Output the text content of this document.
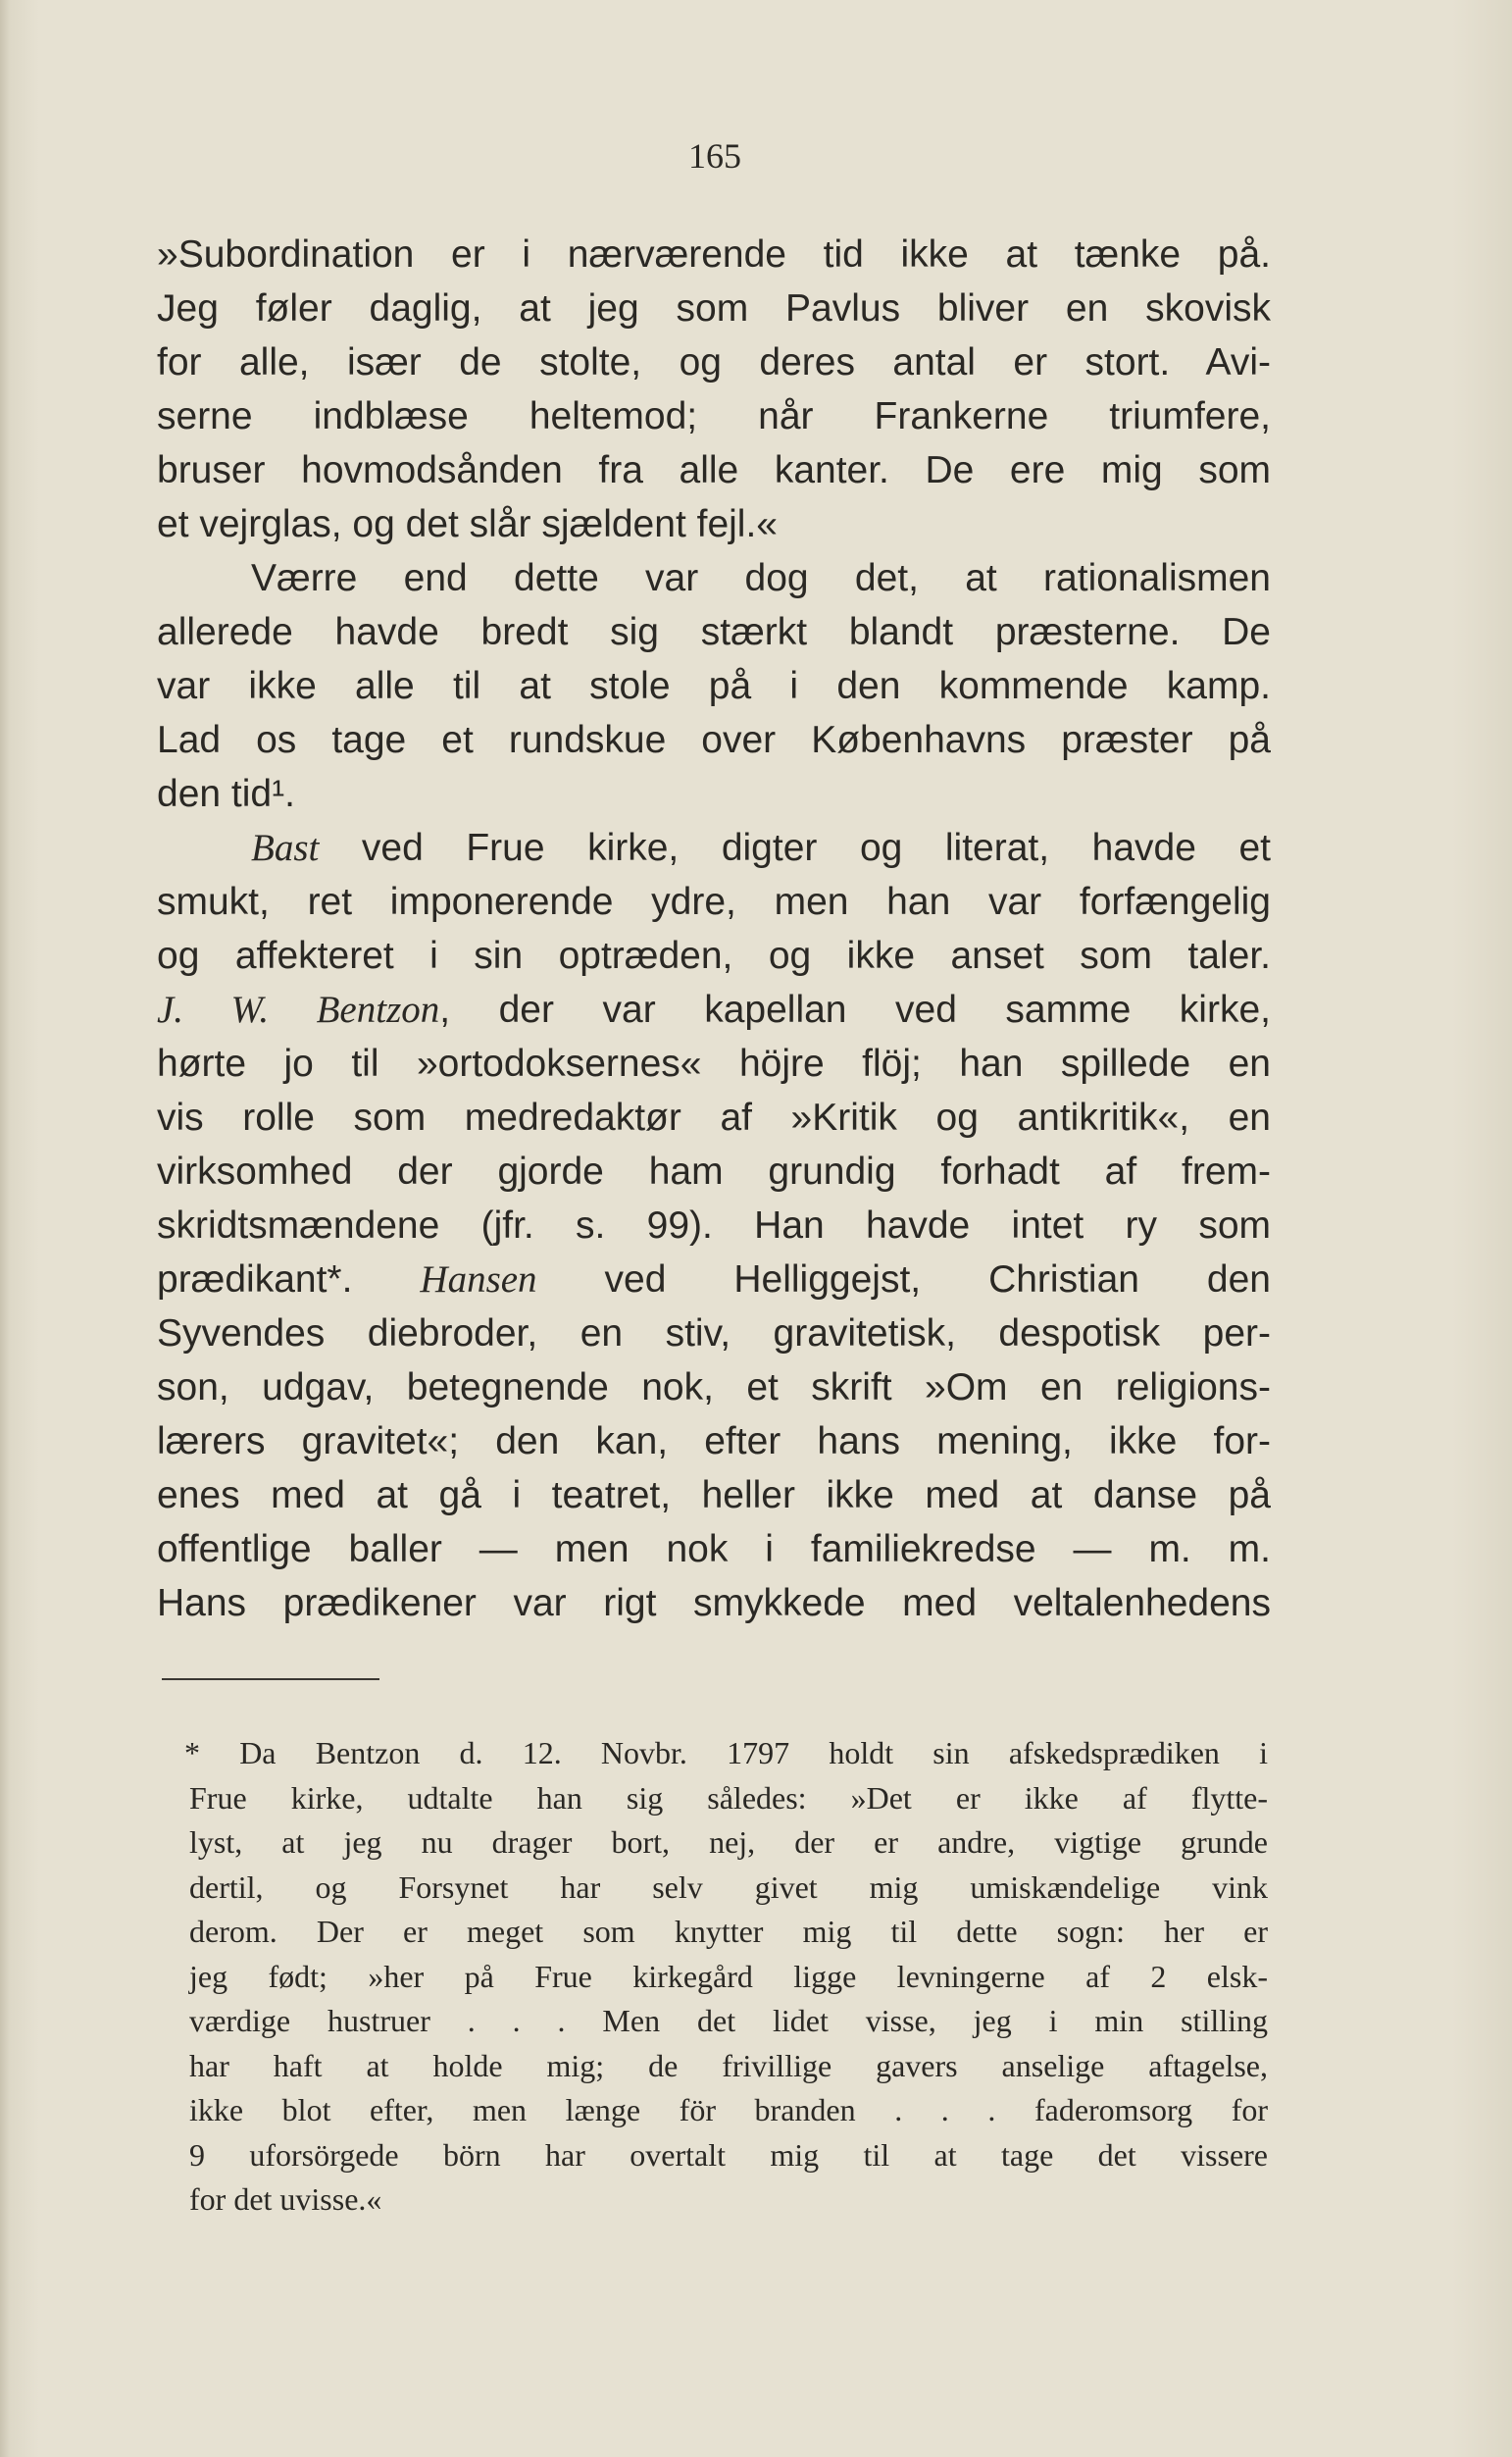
165
»Subordination er i nærværende tid ikke at tænke på.
Jeg føler daglig, at jeg som Pavlus bliver en skovisk
for alle, især de stolte, og deres antal er stort. Avi-
serne indblæse heltemod; når Frankerne triumfere,
bruser hovmodsånden fra alle kanter. De ere mig som
et vejrglas, og det slår sjældent fejl.«
Værre end dette var dog det, at rationalismen
allerede havde bredt sig stærkt blandt præsterne. De
var ikke alle til at stole på i den kommende kamp.
Lad os tage et rundskue over Københavns præster på
den tid¹.
Bast ved Frue kirke, digter og literat, havde et
smukt, ret imponerende ydre, men han var forfængelig
og affekteret i sin optræden, og ikke anset som taler.
J. W. Bentzon, der var kapellan ved samme kirke,
hørte jo til »ortodoksernes« höjre flöj; han spillede en
vis rolle som medredaktør af »Kritik og antikritik«, en
virksomhed der gjorde ham grundig forhadt af frem-
skridtsmændene (jfr. s. 99). Han havde intet ry som
prædikant*. Hansen ved Helliggejst, Christian den
Syvendes diebroder, en stiv, gravitetisk, despotisk per-
son, udgav, betegnende nok, et skrift »Om en religions-
lærers gravitet«; den kan, efter hans mening, ikke for-
enes med at gå i teatret, heller ikke med at danse på
offentlige baller — men nok i familiekredse — m. m.
Hans prædikener var rigt smykkede med veltalenhedens
* Da Bentzon d. 12. Novbr. 1797 holdt sin afskedsprædiken i
Frue kirke, udtalte han sig således: »Det er ikke af flytte-
lyst, at jeg nu drager bort, nej, der er andre, vigtige grunde
dertil, og Forsynet har selv givet mig umiskændelige vink
derom. Der er meget som knytter mig til dette sogn: her er
jeg født; »her på Frue kirkegård ligge levningerne af 2 elsk-
værdige hustruer . . . Men det lidet visse, jeg i min stilling
har haft at holde mig; de frivillige gavers anselige aftagelse,
ikke blot efter, men længe för branden . . . faderomsorg for
9 uforsörgede börn har overtalt mig til at tage det vissere
for det uvisse.«
